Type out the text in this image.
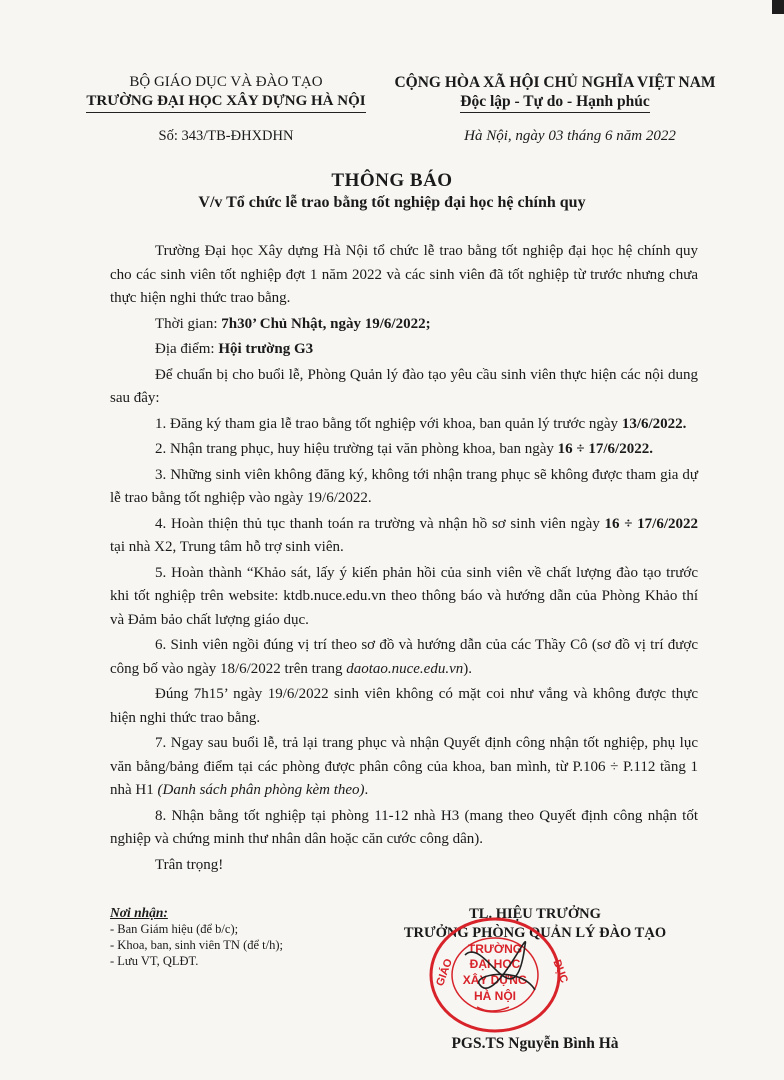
BỘ GIÁO DỤC VÀ ĐÀO TẠO
TRƯỜNG ĐẠI HỌC XÂY DỰNG HÀ NỘI
Số: 343/TB-ĐHXDHN
CỘNG HÒA XÃ HỘI CHỦ NGHĨA VIỆT NAM
Độc lập - Tự do - Hạnh phúc
Hà Nội, ngày 03 tháng 6 năm 2022
THÔNG BÁO
V/v Tổ chức lễ trao bằng tốt nghiệp đại học hệ chính quy

Trường Đại học Xây dựng Hà Nội tổ chức lễ trao bằng tốt nghiệp đại học hệ chính quy cho các sinh viên tốt nghiệp đợt 1 năm 2022 và các sinh viên đã tốt nghiệp từ trước nhưng chưa thực hiện nghi thức trao bằng.

Thời gian: 7h30’ Chủ Nhật, ngày 19/6/2022;

Địa điểm: Hội trường G3

Để chuẩn bị cho buổi lễ, Phòng Quản lý đào tạo yêu cầu sinh viên thực hiện các nội dung sau đây:

1. Đăng ký tham gia lễ trao bằng tốt nghiệp với khoa, ban quản lý trước ngày 13/6/2022.

2. Nhận trang phục, huy hiệu trường tại văn phòng khoa, ban ngày 16 ÷ 17/6/2022.

3. Những sinh viên không đăng ký, không tới nhận trang phục sẽ không được tham gia dự lễ trao bằng tốt nghiệp vào ngày 19/6/2022.

4. Hoàn thiện thủ tục thanh toán ra trường và nhận hồ sơ sinh viên ngày 16 ÷ 17/6/2022 tại nhà X2, Trung tâm hỗ trợ sinh viên.

5. Hoàn thành “Khảo sát, lấy ý kiến phản hồi của sinh viên về chất lượng đào tạo trước khi tốt nghiệp trên website: ktdb.nuce.edu.vn theo thông báo và hướng dẫn của Phòng Khảo thí và Đảm bảo chất lượng giáo dục.

6. Sinh viên ngồi đúng vị trí theo sơ đồ và hướng dẫn của các Thầy Cô (sơ đồ vị trí được công bố vào ngày 18/6/2022 trên trang daotao.nuce.edu.vn).

Đúng 7h15’ ngày 19/6/2022 sinh viên không có mặt coi như vắng và không được thực hiện nghi thức trao bằng.

7. Ngay sau buổi lễ, trả lại trang phục và nhận Quyết định công nhận tốt nghiệp, phụ lục văn bằng/bảng điểm tại các phòng được phân công của khoa, ban mình, từ P.106 ÷ P.112 tầng 1 nhà H1 (Danh sách phân phòng kèm theo).

8. Nhận bằng tốt nghiệp tại phòng 11-12 nhà H3 (mang theo Quyết định công nhận tốt nghiệp và chứng minh thư nhân dân hoặc căn cước công dân).

Trân trọng!

Nơi nhận:
- Ban Giám hiệu (để b/c);
- Khoa, ban, sinh viên TN (để t/h);
- Lưu VT, QLĐT.
TL. HIỆU TRƯỞNG
TRƯỞNG PHÒNG QUẢN LÝ ĐÀO TẠO
GIÁO	DỤC
TRƯỜNG
ĐẠI HỌC
XÂY DỰNG
HÀ NỘI
PGS.TS Nguyễn Bình Hà
